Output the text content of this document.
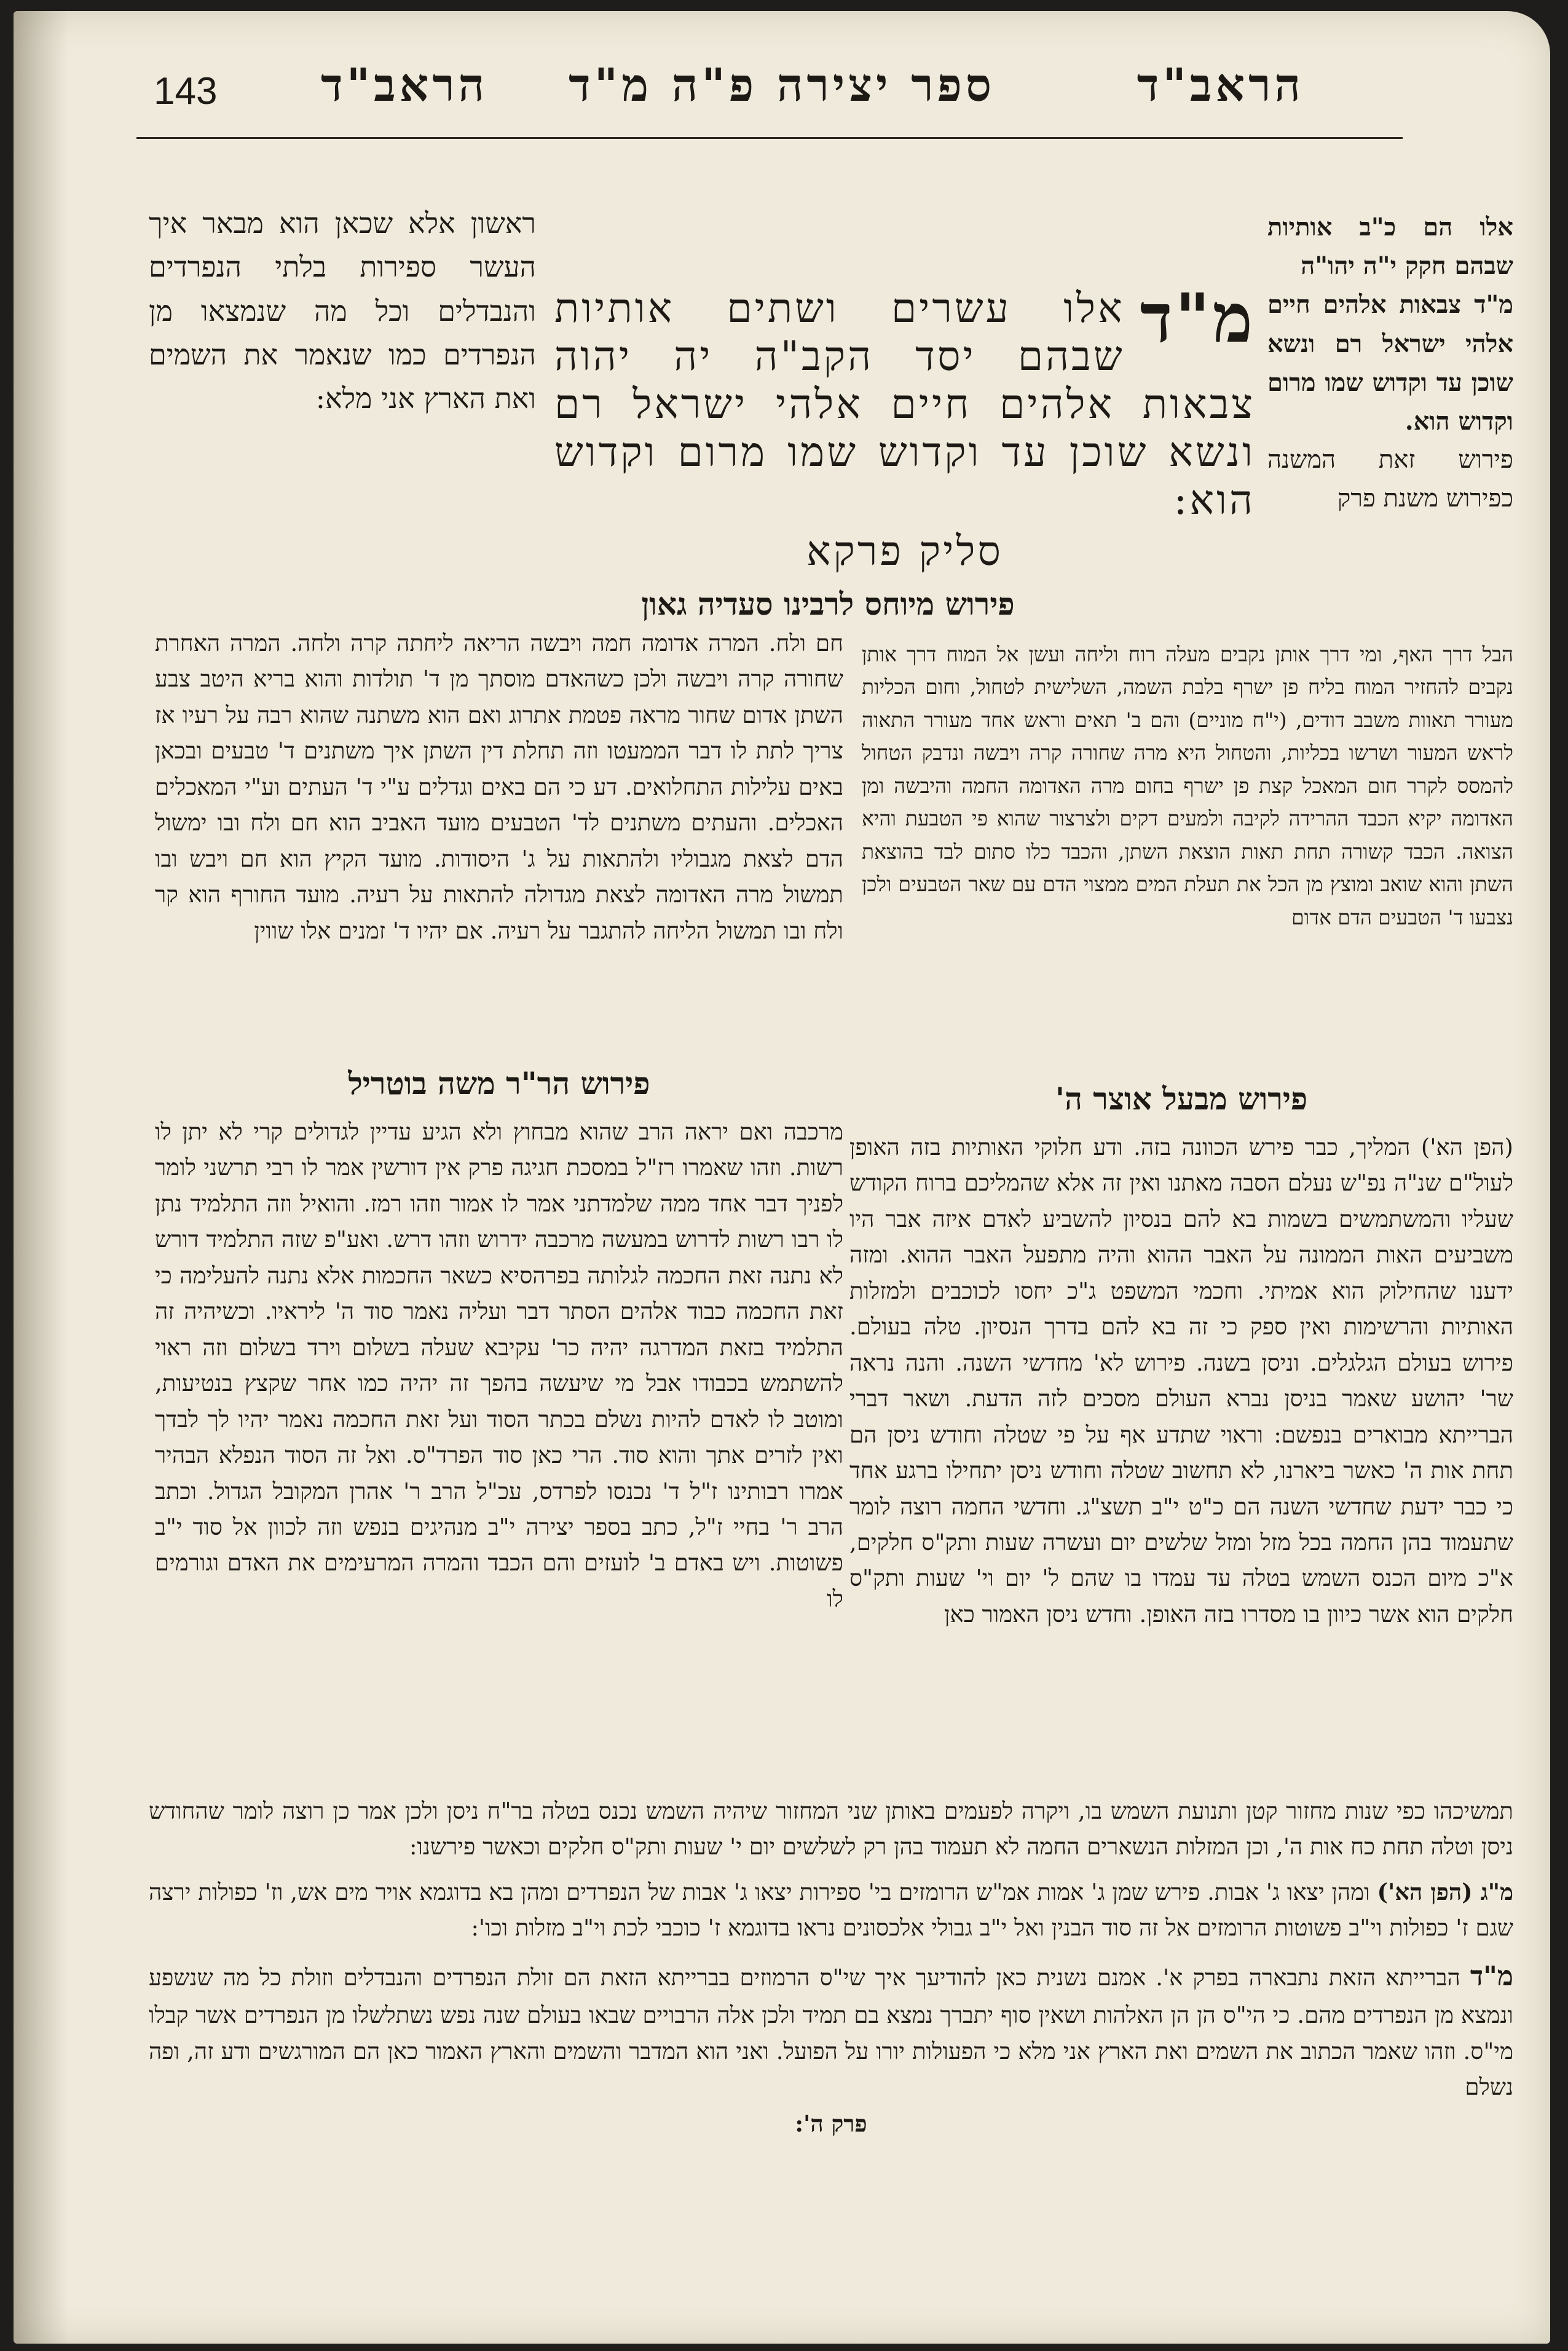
143	הראב"ד
ספר יצירה פ"ה מ"ד
הראב"ד
אלו הם כ"ב אותיות שבהם חקק י"ה יהו"ה
מ"ד צבאות אלהים חיים אלהי ישראל רם ונשא שוכן עד וקדוש שמו מרום וקדוש הוא.
פירוש זאת המשנה כפירוש משנת פרק
מ"ד
אלו עשרים ושתים אותיות שבהם יסד הקב"ה יה יהוה צבאות אלהים חיים אלהי ישראל רם ונשא שוכן עד וקדוש שמו מרום וקדוש הוא:
סליק פרקא
ראשון אלא שכאן הוא מבאר איך העשר ספירות בלתי הנפרדים והנבדלים וכל מה שנמצאו מן הנפרדים כמו שנאמר את השמים ואת הארץ אני מלא:
פירוש מיוחס לרבינו סעדיה גאון
הבל דרך האף, ומי דרך אותן נקבים מעלה רוח וליחה ועשן אל המוח דרך אותן נקבים להחזיר המוח בליח פן ישרף בלבת השמה, השלישית לטחול, וחום הכליות מעורר תאוות משבב דודים, (י"ח מוניים) והם ב' תאים וראש אחד מעורר התאוה לראש המעור ושרשו בכליות, והטחול היא מרה שחורה קרה ויבשה ונדבק הטחול להמסס לקרר חום המאכל קצת פן ישרף בחום מרה האדומה החמה והיבשה ומן האדומה יקיא הכבד ההרידה לקיבה ולמעים דקים ולצרצור שהוא פי הטבעת והיא הצואה. הכבד קשורה תחת תאות הוצאת השתן, והכבד כלו סתום לבד בהוצאת השתן והוא שואב ומוצץ מן הכל את תעלת המים ממצוי הדם עם שאר הטבעים ולכן נצבעו ד' הטבעים הדם אדום
חם ולח. המרה אדומה חמה ויבשה הריאה ליחתה קרה ולחה. המרה האחרת שחורה קרה ויבשה ולכן כשהאדם מוסתך מן ד' תולדות והוא בריא היטב צבע השתן אדום שחור מראה פטמת אתרוג ואם הוא משתנה שהוא רבה על רעיו אז צריך לתת לו דבר הממעטו וזה תחלת דין השתן איך משתנים ד' טבעים ובכאן באים עלילות התחלואים. דע כי הם באים וגדלים ע"י ד' העתים וע"י המאכלים האכלים. והעתים משתנים לד' הטבעים מועד האביב הוא חם ולח ובו ימשול הדם לצאת מגבוליו ולהתאות על ג' היסודות. מועד הקיץ הוא חם ויבש ובו תמשול מרה האדומה לצאת מגדולה להתאות על רעיה. מועד החורף הוא קר ולח ובו תמשול הליחה להתגבר על רעיה. אם יהיו ד' זמנים אלו שווין
פירוש הר"ר משה בוטריל
מרכבה ואם יראה הרב שהוא מבחוץ ולא הגיע עדיין לגדולים קרי לא יתן לו רשות. וזהו שאמרו רז"ל במסכת חגיגה פרק אין דורשין אמר לו רבי תרשני לומר לפניך דבר אחד ממה שלמדתני אמר לו אמור וזהו רמז. והואיל וזה התלמיד נתן לו רבו רשות לדרוש במעשה מרכבה ידרוש וזהו דרש. ואע"פ שזה התלמיד דורש לא נתנה זאת החכמה לגלותה בפרהסיא כשאר החכמות אלא נתנה להעלימה כי זאת החכמה כבוד אלהים הסתר דבר ועליה נאמר סוד ה' ליראיו. וכשיהיה זה התלמיד בזאת המדרגה יהיה כר' עקיבא שעלה בשלום וירד בשלום וזה ראוי להשתמש בכבודו אבל מי שיעשה בהפך זה יהיה כמו אחר שקצץ בנטיעות, ומוטב לו לאדם להיות נשלם בכתר הסוד ועל זאת החכמה נאמר יהיו לך לבדך ואין לזרים אתך והוא סוד. הרי כאן סוד הפרד"ס. ואל זה הסוד הנפלא הבהיר אמרו רבותינו ז"ל ד' נכנסו לפרדס, עכ"ל הרב ר' אהרן המקובל הגדול. וכתב הרב ר' בחיי ז"ל, כתב בספר יצירה י"ב מנהיגים בנפש וזה לכוון אל סוד י"ב פשוטות. ויש באדם ב' לועזים והם הכבד והמרה המרעימים את האדם וגורמים לו
פירוש מבעל אוצר ה'
(הפן הא') המליך, כבר פירש הכוונה בזה. ודע חלוקי האותיות בזה האופן לעול"ם שנ"ה נפ"ש נעלם הסבה מאתנו ואין זה אלא שהמליכם ברוח הקודש שעליו והמשתמשים בשמות בא להם בנסיון להשביע לאדם איזה אבר היו משביעים האות הממונה על האבר ההוא והיה מתפעל האבר ההוא. ומזה ידענו שהחילוק הוא אמיתי. וחכמי המשפט ג"כ יחסו לכוכבים ולמזלות האותיות והרשימות ואין ספק כי זה בא להם בדרך הנסיון. טלה בעולם. פירוש בעולם הגלגלים. וניסן בשנה. פירוש לא' מחדשי השנה. והנה נראה שר' יהושע שאמר בניסן נברא העולם מסכים לזה הדעת. ושאר דברי הברייתא מבוארים בנפשם: וראוי שתדע אף על פי שטלה וחודש ניסן הם תחת אות ה' כאשר ביארנו, לא תחשוב שטלה וחודש ניסן יתחילו ברגע אחד כי כבר ידעת שחדשי השנה הם כ"ט י"ב תשצ"ג. וחדשי החמה רוצה לומר שתעמוד בהן החמה בכל מזל ומזל שלשים יום ועשרה שעות ותק"ס חלקים, א"כ מיום הכנס השמש בטלה עד עמדו בו שהם ל' יום וי' שעות ותק"ס חלקים הוא אשר כיוון בו מסדרו בזה האופן. וחדש ניסן האמור כאן
תמשיכהו כפי שנות מחזור קטן ותנועת השמש בו, ויקרה לפעמים באותן שני המחזור שיהיה השמש נכנס בטלה בר"ח ניסן ולכן אמר כן רוצה לומר שהחודש ניסן וטלה תחת כח אות ה', וכן המזלות הנשארים החמה לא תעמוד בהן רק לשלשים יום י' שעות ותק"ס חלקים וכאשר פירשנו:
מ"ג (הפן הא') ומהן יצאו ג' אבות. פירש שמן ג' אמות אמ"ש הרומזים בי' ספירות יצאו ג' אבות של הנפרדים ומהן בא בדוגמא אויר מים אש, וז' כפולות ירצה שגם ז' כפולות וי"ב פשוטות הרומזים אל זה סוד הבנין ואל י"ב גבולי אלכסונים נראו בדוגמא ז' כוכבי לכת וי"ב מזלות וכו':
מ"ד הברייתא הזאת נתבארה בפרק א'. אמנם נשנית כאן להודיעך איך שי"ס הרמוזים בברייתא הזאת הם זולת הנפרדים והנבדלים וזולת כל מה שנשפע ונמצא מן הנפרדים מהם. כי הי"ס הן הן האלהות ושאין סוף יתברך נמצא בם תמיד ולכן אלה הרבויים שבאו בעולם שנה נפש נשתלשלו מן הנפרדים אשר קבלו מי"ס. וזהו שאמר הכתוב את השמים ואת הארץ אני מלא כי הפעולות יורו על הפועל. ואני הוא המדבר והשמים והארץ האמור כאן הם המורגשים ודע זה, ופה נשלם
פרק ה':
